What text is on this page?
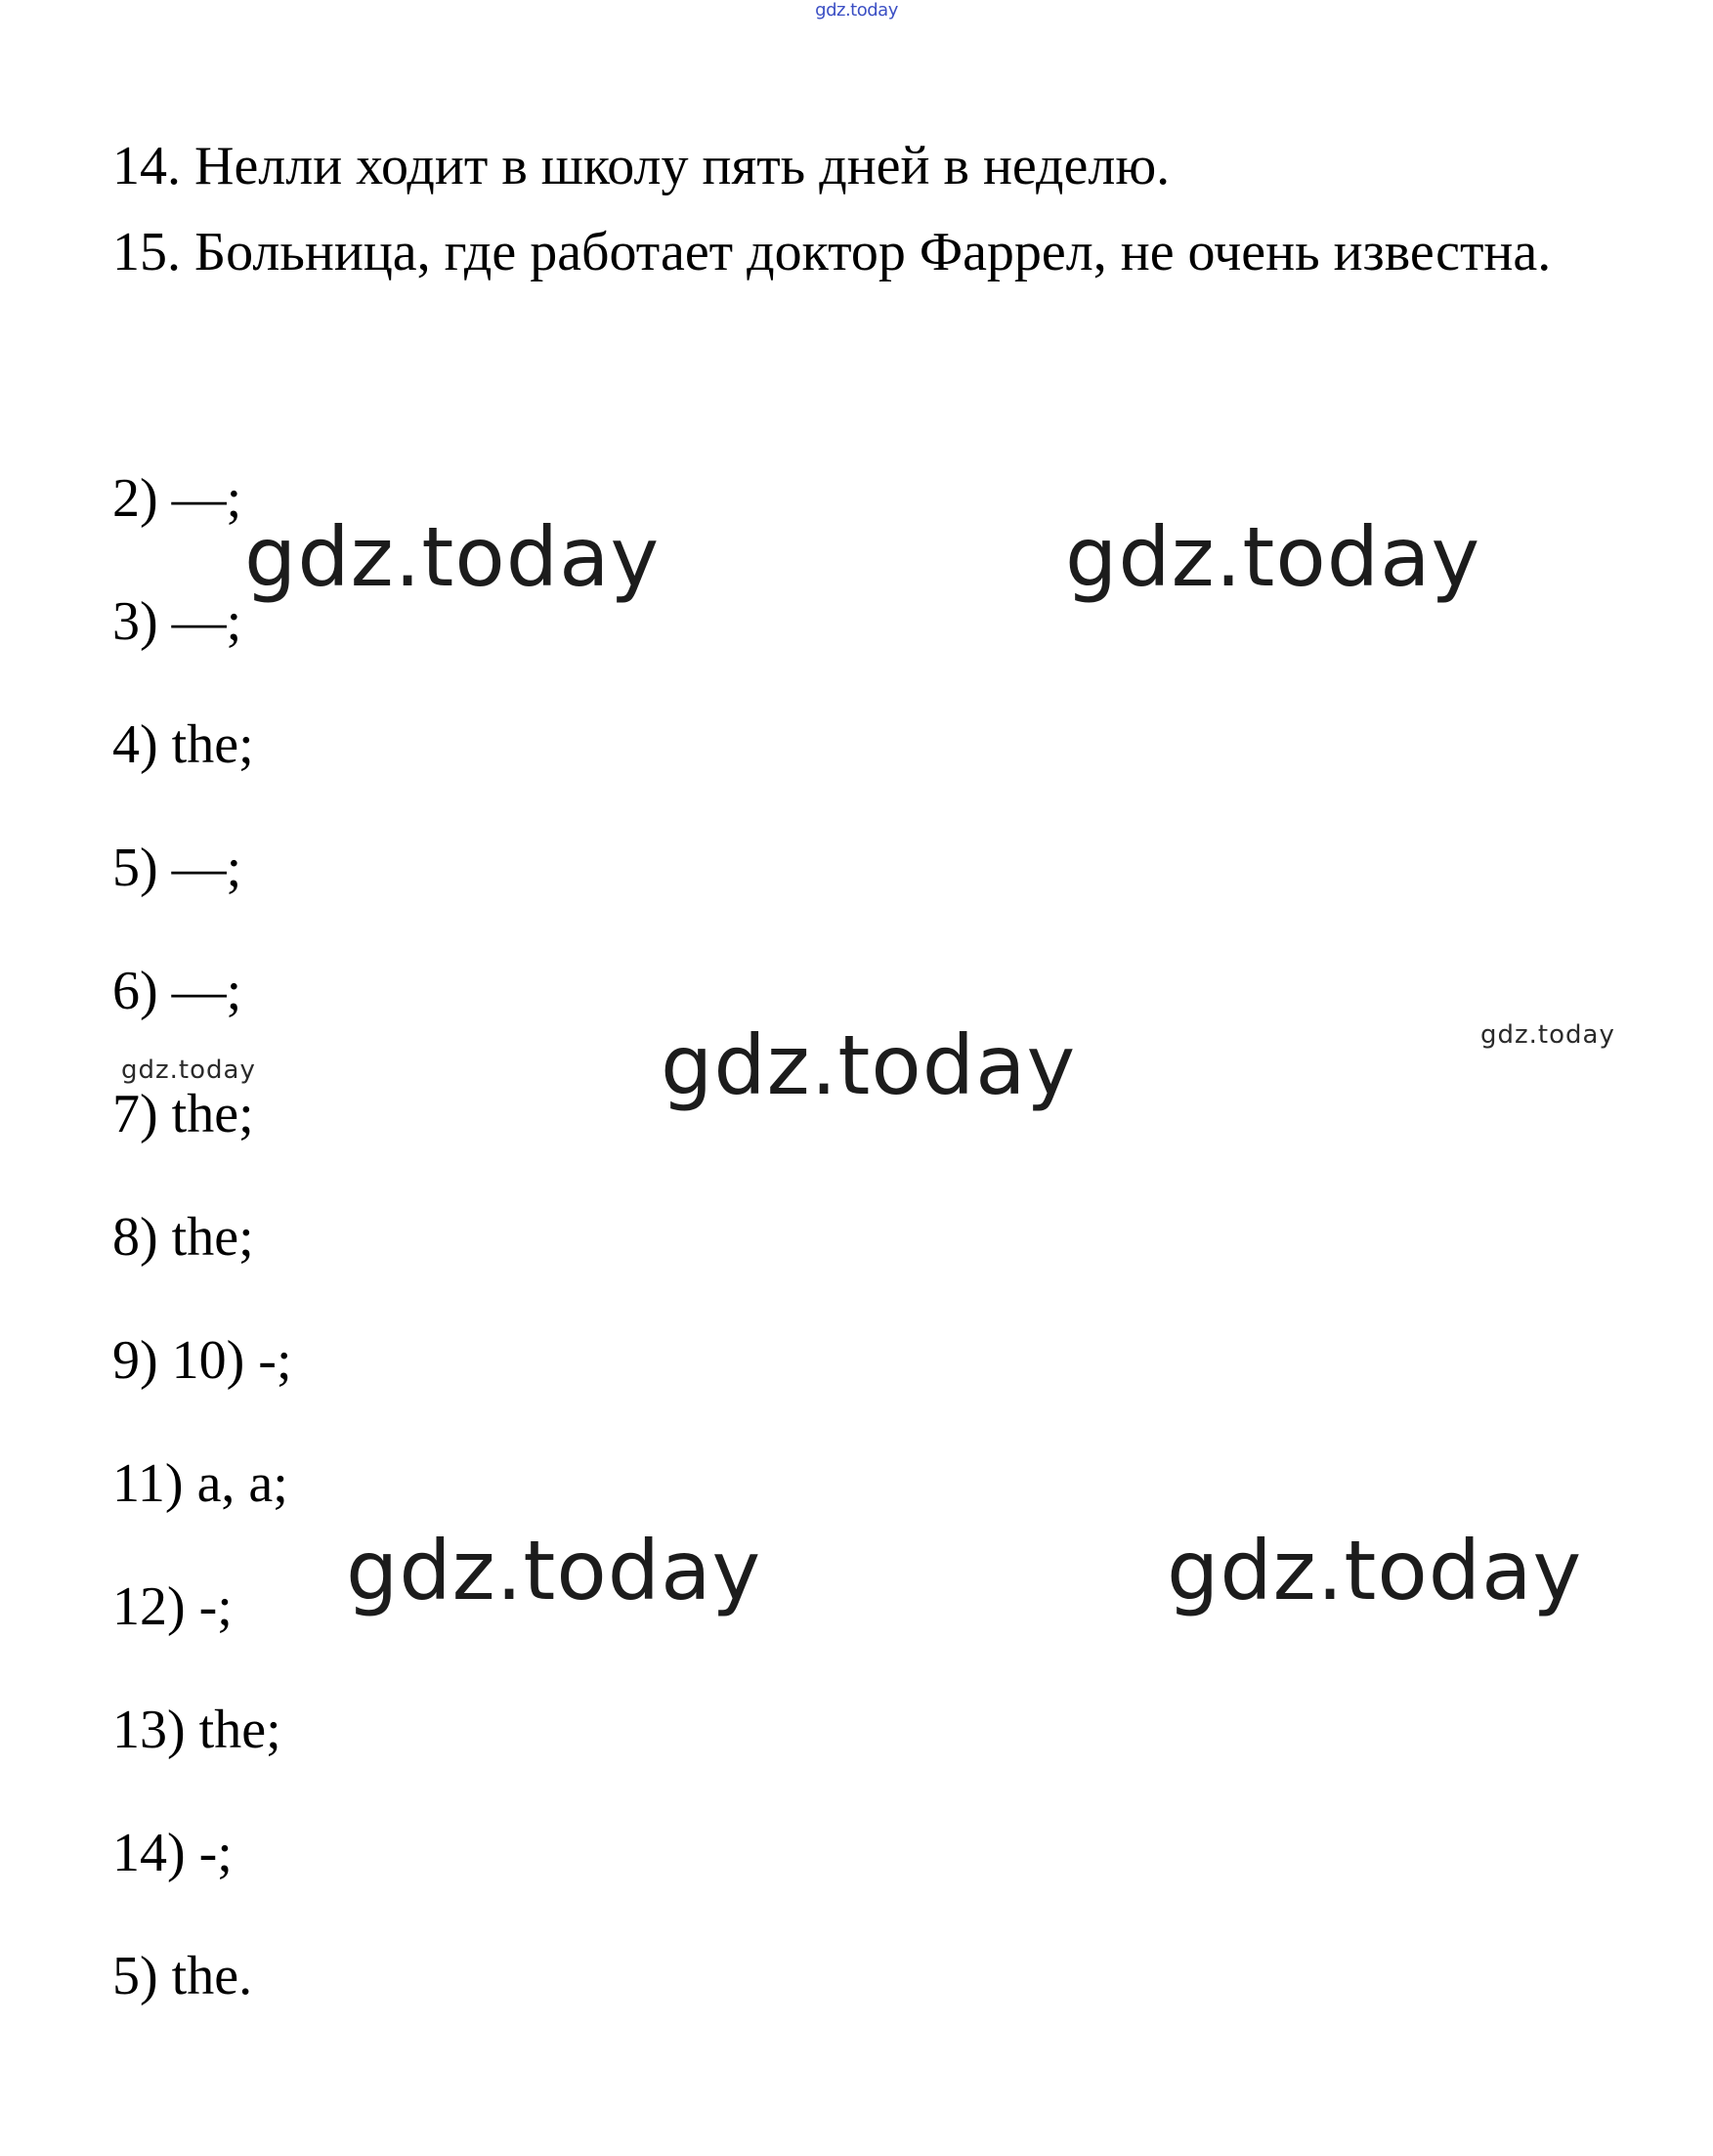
gdz.today
14. Нелли ходит в школу пять дней в неделю.
15. Больница, где работает доктор Фаррел, не очень известна.
2) —;
3) —;
4) the;
5) —;
6) —;
7) the;
8) the;
9) 10) -;
11) a, a;
12) -;
13) the;
14) -;
5) the.
gdz.today	gdz.today
gdz.today	gdz.today
gdz.today
gdz.today	gdz.today
